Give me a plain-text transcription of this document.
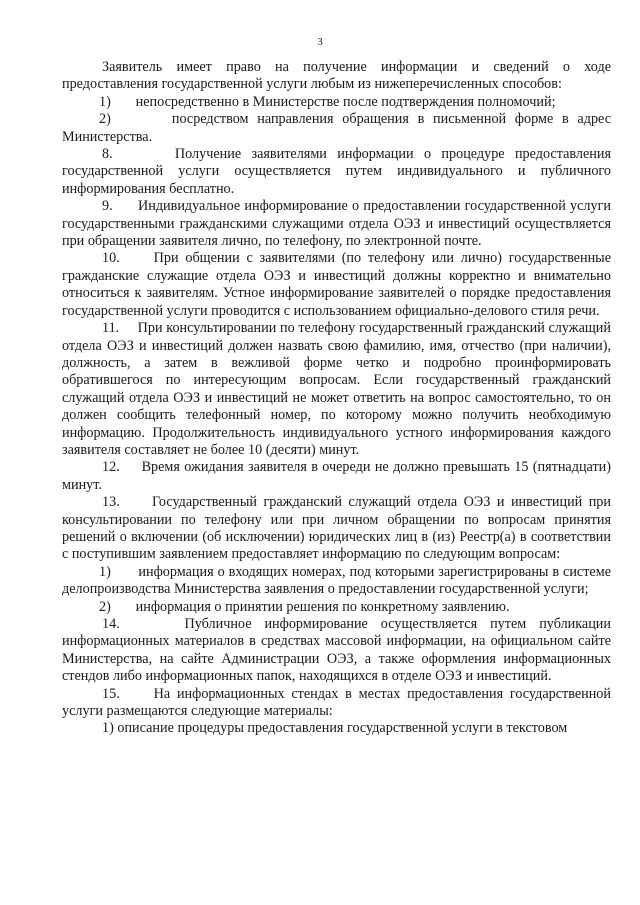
3

Заявитель имеет право на получение информации и сведений о ходе предоставления государственной услуги любым из нижеперечисленных способов:

1)       непосредственно в Министерстве после подтверждения полномочий;

2)       посредством направления обращения в письменной форме в адрес Министерства.

8.      Получение заявителями информации о процедуре предоставления государственной услуги осуществляется путем индивидуального и публичного информирования бесплатно.

9.      Индивидуальное информирование о предоставлении государственной услуги государственными гражданскими служащими отдела ОЭЗ и инвестиций осуществляется при обращении заявителя лично, по телефону, по электронной почте.

10.     При общении с заявителями (по телефону или лично) государственные гражданские служащие отдела ОЭЗ и инвестиций должны корректно и внимательно относиться к заявителям. Устное информирование заявителей о порядке предоставления государственной услуги проводится с использованием официально-делового стиля речи.

11.     При консультировании по телефону государственный гражданский служащий отдела ОЭЗ и инвестиций должен назвать свою фамилию, имя, отчество (при наличии), должность, а затем в вежливой форме четко и подробно проинформировать обратившегося по интересующим вопросам. Если государственный гражданский служащий отдела ОЭЗ и инвестиций не может ответить на вопрос самостоятельно, то он должен сообщить телефонный номер, по которому можно получить необходимую информацию. Продолжительность индивидуального устного информирования каждого заявителя составляет не более 10 (десяти) минут.

12.     Время ожидания заявителя в очереди не должно превышать 15 (пятнадцати) минут.

13.     Государственный гражданский служащий отдела ОЭЗ и инвестиций при консультировании по телефону или при личном обращении по вопросам принятия решений о включении (об исключении) юридических лиц в (из) Реестр(а) в соответствии с поступившим заявлением предоставляет информацию по следующим вопросам:

1)       информация о входящих номерах, под которыми зарегистрированы в системе делопроизводства Министерства заявления о предоставлении государственной услуги;

2)       информация о принятии решения по конкретному заявлению.

14.     Публичное информирование осуществляется путем публикации информационных материалов в средствах массовой информации, на официальном сайте Министерства, на сайте Администрации ОЭЗ, а также оформления информационных стендов либо информационных папок, находящихся в отделе ОЭЗ и инвестиций.

15.     На информационных стендах в местах предоставления государственной услуги размещаются следующие материалы:

1) описание процедуры предоставления государственной услуги в текстовом
